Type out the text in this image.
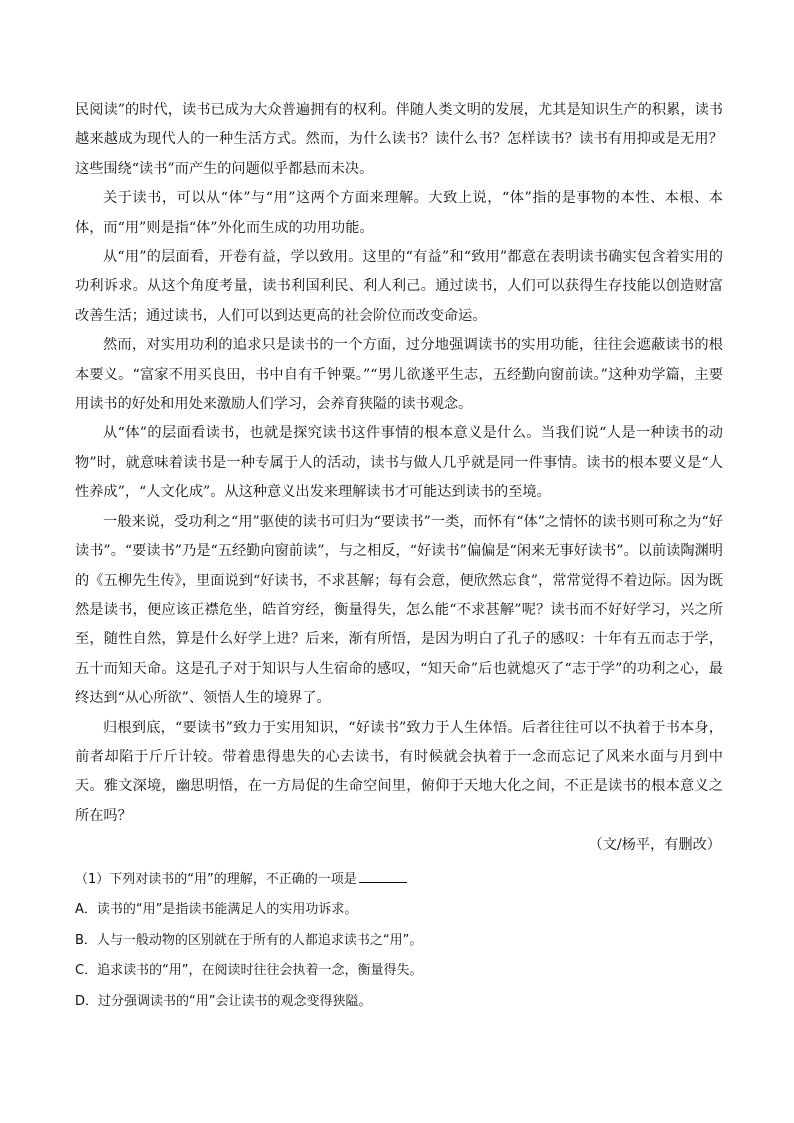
民阅读”的时代，读书已成为大众普遍拥有的权利。伴随人类文明的发展，尤其是知识生产的积累，读书越来越成为现代人的一种生活方式。然而，为什么读书？读什么书？怎样读书？读书有用抑或是无用？这些围绕“读书”而产生的问题似乎都悬而未决。

关于读书，可以从“体”与“用”这两个方面来理解。大致上说，“体”指的是事物的本性、本根、本体，而“用”则是指“体”外化而生成的功用功能。

从“用”的层面看，开卷有益，学以致用。这里的“有益”和“致用”都意在表明读书确实包含着实用的功利诉求。从这个角度考量，读书利国利民、利人利己。通过读书，人们可以获得生存技能以创造财富改善生活；通过读书，人们可以到达更高的社会阶位而改变命运。

然而，对实用功利的追求只是读书的一个方面，过分地强调读书的实用功能，往往会遮蔽读书的根本要义。“富家不用买良田，书中自有千钟粟。”“男儿欲遂平生志，五经勤向窗前读。”这种劝学篇，主要用读书的好处和用处来激励人们学习，会养育狭隘的读书观念。

从“体”的层面看读书，也就是探究读书这件事情的根本意义是什么。当我们说“人是一种读书的动物”时，就意味着读书是一种专属于人的活动，读书与做人几乎就是同一件事情。读书的根本要义是“人性养成”，“人文化成”。从这种意义出发来理解读书才可能达到读书的至境。

一般来说，受功利之“用”驱使的读书可归为“要读书”一类，而怀有“体”之情怀的读书则可称之为“好读书”。“要读书”乃是“五经勤向窗前读”，与之相反，“好读书”偏偏是“闲来无事好读书”。以前读陶渊明的《五柳先生传》，里面说到“好读书，不求甚解；每有会意，便欣然忘食”，常常觉得不着边际。因为既然是读书，便应该正襟危坐，皓首穷经，衡量得失，怎么能“不求甚解”呢？读书而不好好学习，兴之所至，随性自然，算是什么好学上进？后来，渐有所悟，是因为明白了孔子的感叹：十年有五而志于学，五十而知天命。这是孔子对于知识与人生宿命的感叹，“知天命”后也就熄灭了“志于学”的功利之心，最终达到“从心所欲”、领悟人生的境界了。

归根到底，“要读书”致力于实用知识，“好读书”致力于人生体悟。后者往往可以不执着于书本身，前者却陷于斤斤计较。带着患得患失的心去读书，有时候就会执着于一念而忘记了风来水面与月到中天。雅文深境，幽思明悟，在一方局促的生命空间里，俯仰于天地大化之间，不正是读书的根本意义之所在吗？

（文/杨平，有删改）

（1）下列对读书的“用”的理解，不正确的一项是

A．读书的“用”是指读书能满足人的实用功诉求。

B．人与一般动物的区别就在于所有的人都追求读书之“用”。

C．追求读书的“用”，在阅读时往往会执着一念，衡量得失。

D．过分强调读书的“用”会让读书的观念变得狭隘。
